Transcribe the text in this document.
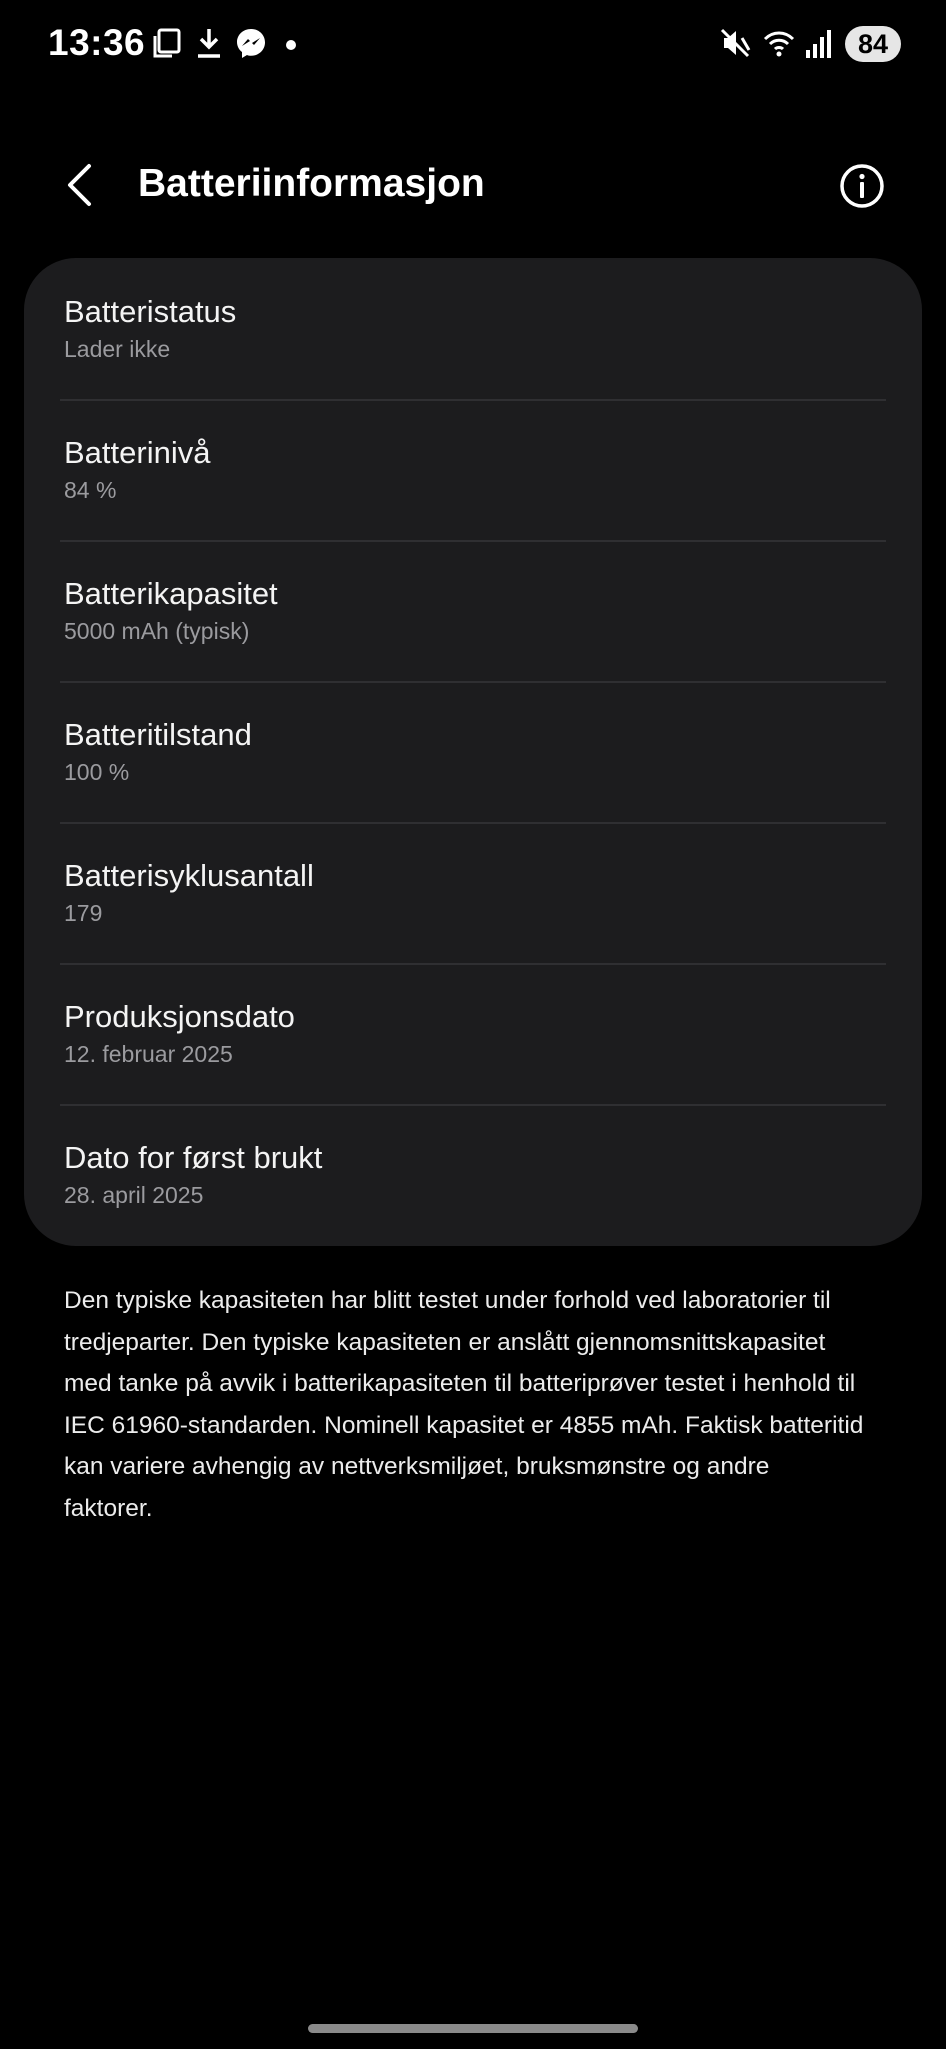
13:36	84
Batteriinformasjon
Batteristatus
Lader ikke
Batterinivå
84 %
Batterikapasitet
5000 mAh (typisk)
Batteritilstand
100 %
Batterisyklusantall
179
Produksjonsdato
12. februar 2025
Dato for først brukt
28. april 2025

Den typiske kapasiteten har blitt testet under forhold ved laboratorier til tredjeparter. Den typiske kapasiteten er anslått gjennomsnittskapasitet med tanke på avvik i batterikapasiteten til batteriprøver testet i henhold til IEC 61960-standarden. Nominell kapasitet er 4855 mAh. Faktisk batteritid kan variere avhengig av nettverksmiljøet, bruksmønstre og andre faktorer.
